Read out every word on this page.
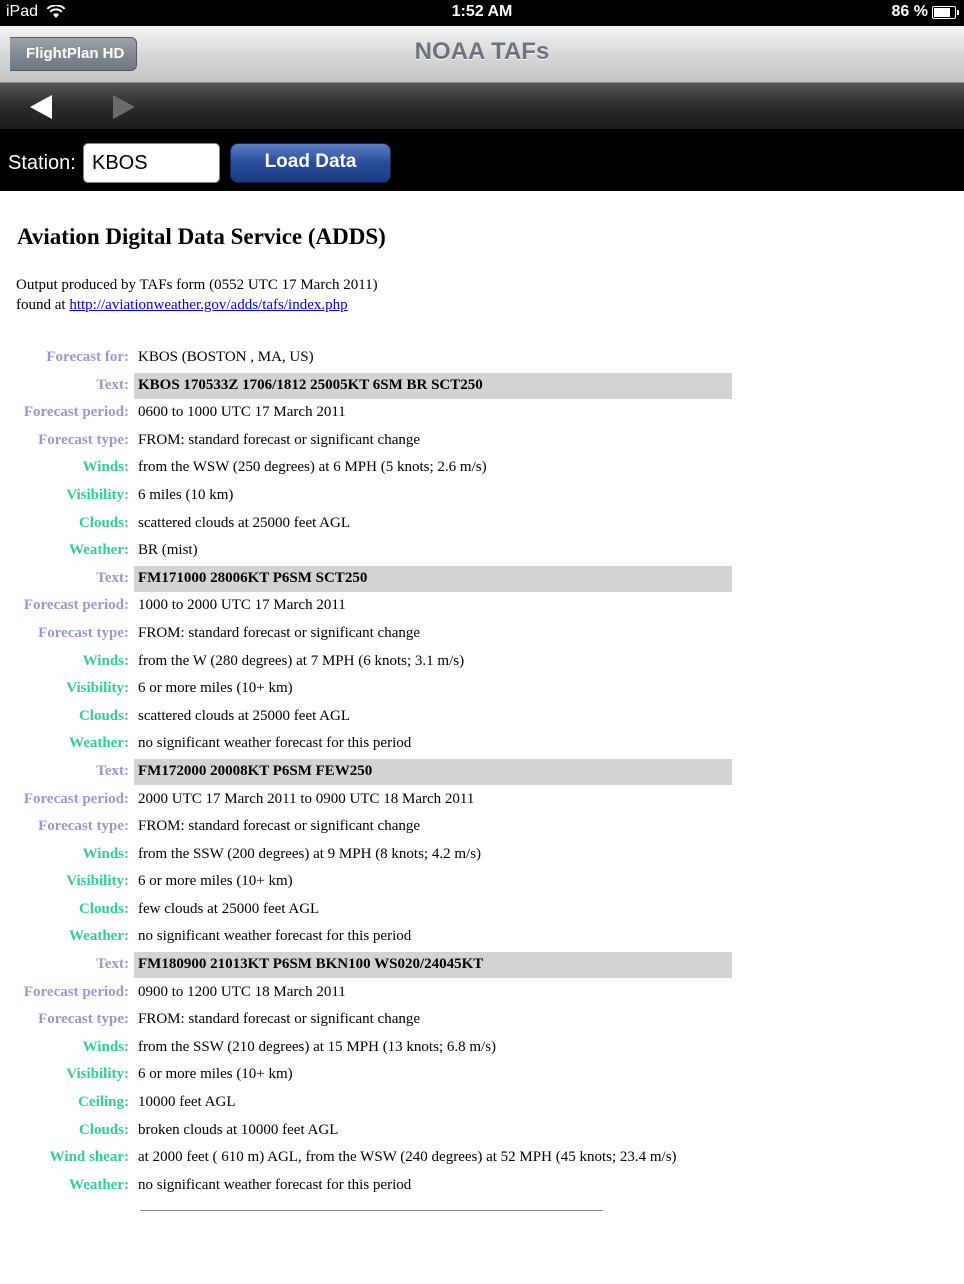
iPad	1:52 AM	86 %
FlightPlan HD	NOAA TAFs
Station:
KBOS	Load Data
Aviation Digital Data Service (ADDS)
Output produced by TAFs form (0552 UTC 17 March 2011)
found at http://aviationweather.gov/adds/tafs/index.php
Forecast for: KBOS (BOSTON , MA, US)
Text: KBOS 170533Z 1706/1812 25005KT 6SM BR SCT250
Forecast period: 0600 to 1000 UTC 17 March 2011
Forecast type: FROM: standard forecast or significant change
Winds: from the WSW (250 degrees) at 6 MPH (5 knots; 2.6 m/s)
Visibility: 6 miles (10 km)
Clouds: scattered clouds at 25000 feet AGL
Weather: BR (mist)
Text: FM171000 28006KT P6SM SCT250
Forecast period: 1000 to 2000 UTC 17 March 2011
Forecast type: FROM: standard forecast or significant change
Winds: from the W (280 degrees) at 7 MPH (6 knots; 3.1 m/s)
Visibility: 6 or more miles (10+ km)
Clouds: scattered clouds at 25000 feet AGL
Weather: no significant weather forecast for this period
Text: FM172000 20008KT P6SM FEW250
Forecast period: 2000 UTC 17 March 2011 to 0900 UTC 18 March 2011
Forecast type: FROM: standard forecast or significant change
Winds: from the SSW (200 degrees) at 9 MPH (8 knots; 4.2 m/s)
Visibility: 6 or more miles (10+ km)
Clouds: few clouds at 25000 feet AGL
Weather: no significant weather forecast for this period
Text: FM180900 21013KT P6SM BKN100 WS020/24045KT
Forecast period: 0900 to 1200 UTC 18 March 2011
Forecast type: FROM: standard forecast or significant change
Winds: from the SSW (210 degrees) at 15 MPH (13 knots; 6.8 m/s)
Visibility: 6 or more miles (10+ km)
Ceiling: 10000 feet AGL
Clouds: broken clouds at 10000 feet AGL
Wind shear: at 2000 feet ( 610 m) AGL, from the WSW (240 degrees) at 52 MPH (45 knots; 23.4 m/s)
Weather: no significant weather forecast for this period
